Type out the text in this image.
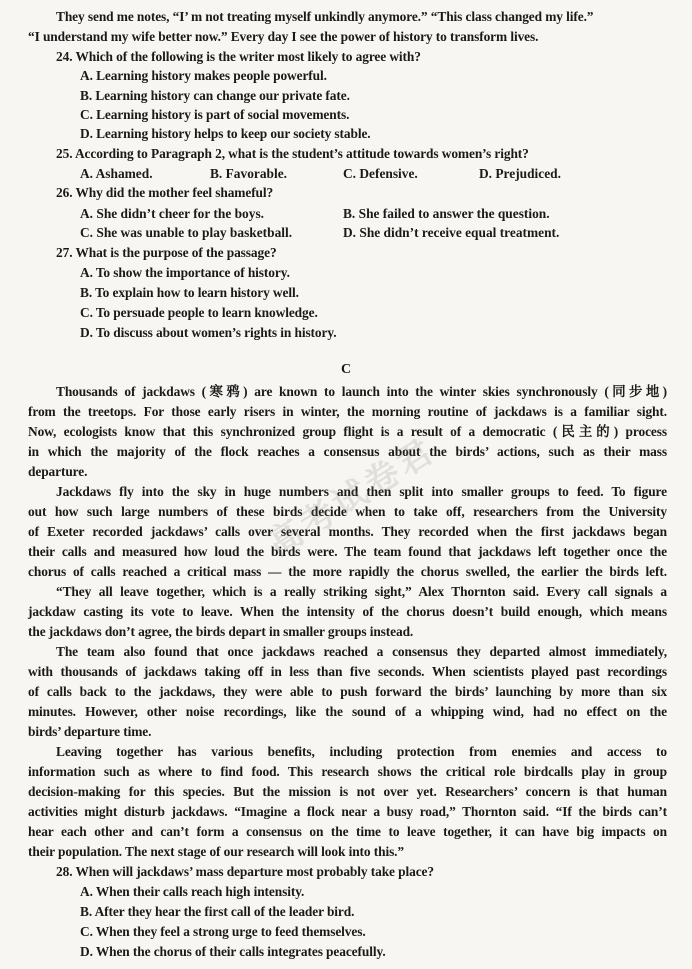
They send me notes, “I’ m not treating myself unkindly anymore.” “This class changed my life.”
“I understand my wife better now.” Every day I see the power of history to transform lives.
24. Which of the following is the writer most likely to agree with?
A. Learning history makes people powerful.
B. Learning history can change our private fate.
C. Learning history is part of social movements.
D. Learning history helps to keep our society stable.
25. According to Paragraph 2, what is the student’s attitude towards women’s right?
A. Ashamed.	B. Favorable.	C. Defensive.	D. Prejudiced.
26. Why did the mother feel shameful?
A. She didn’t cheer for the boys.	B. She failed to answer the question.
C. She was unable to play basketball.	D. She didn’t receive equal treatment.
27. What is the purpose of the passage?
A. To show the importance of history.
B. To explain how to learn history well.
C. To persuade people to learn knowledge.
D. To discuss about women’s rights in history.
C
Thousands of jackdaws (寒鸦) are known to launch into the winter skies synchronously (同步地)
from the treetops. For those early risers in winter, the morning routine of jackdaws is a familiar sight.
Now, ecologists know that this synchronized group flight is a result of a democratic (民主的) process
in which the majority of the flock reaches a consensus about the birds’ actions, such as their mass
departure.
Jackdaws fly into the sky in huge numbers and then split into smaller groups to feed. To figure
out how such large numbers of these birds decide when to take off, researchers from the University
of Exeter recorded jackdaws’ calls over several months. They recorded when the first jackdaws began
their calls and measured how loud the birds were. The team found that jackdaws left together once the
chorus of calls reached a critical mass — the more rapidly the chorus swelled, the earlier the birds left.
“They all leave together, which is a really striking sight,” Alex Thornton said. Every call signals a
jackdaw casting its vote to leave. When the intensity of the chorus doesn’t build enough, which means
the jackdaws don’t agree, the birds depart in smaller groups instead.
The team also found that once jackdaws reached a consensus they departed almost immediately,
with thousands of jackdaws taking off in less than five seconds. When scientists played past recordings
of calls back to the jackdaws, they were able to push forward the birds’ launching by more than six
minutes. However, other noise recordings, like the sound of a whipping wind, had no effect on the
birds’ departure time.
Leaving together has various benefits, including protection from enemies and access to
information such as where to find food. This research shows the critical role birdcalls play in group
decision-making for this species. But the mission is not over yet. Researchers’ concern is that human
activities might disturb jackdaws. “Imagine a flock near a busy road,” Thornton said. “If the birds can’t
hear each other and can’t form a consensus on the time to leave together, it can have big impacts on
their population. The next stage of our research will look into this.”
28. When will jackdaws’ mass departure most probably take place?
A. When their calls reach high intensity.
B. After they hear the first call of the leader bird.
C. When they feel a strong urge to feed themselves.
D. When the chorus of their calls integrates peacefully.
高考试卷君
